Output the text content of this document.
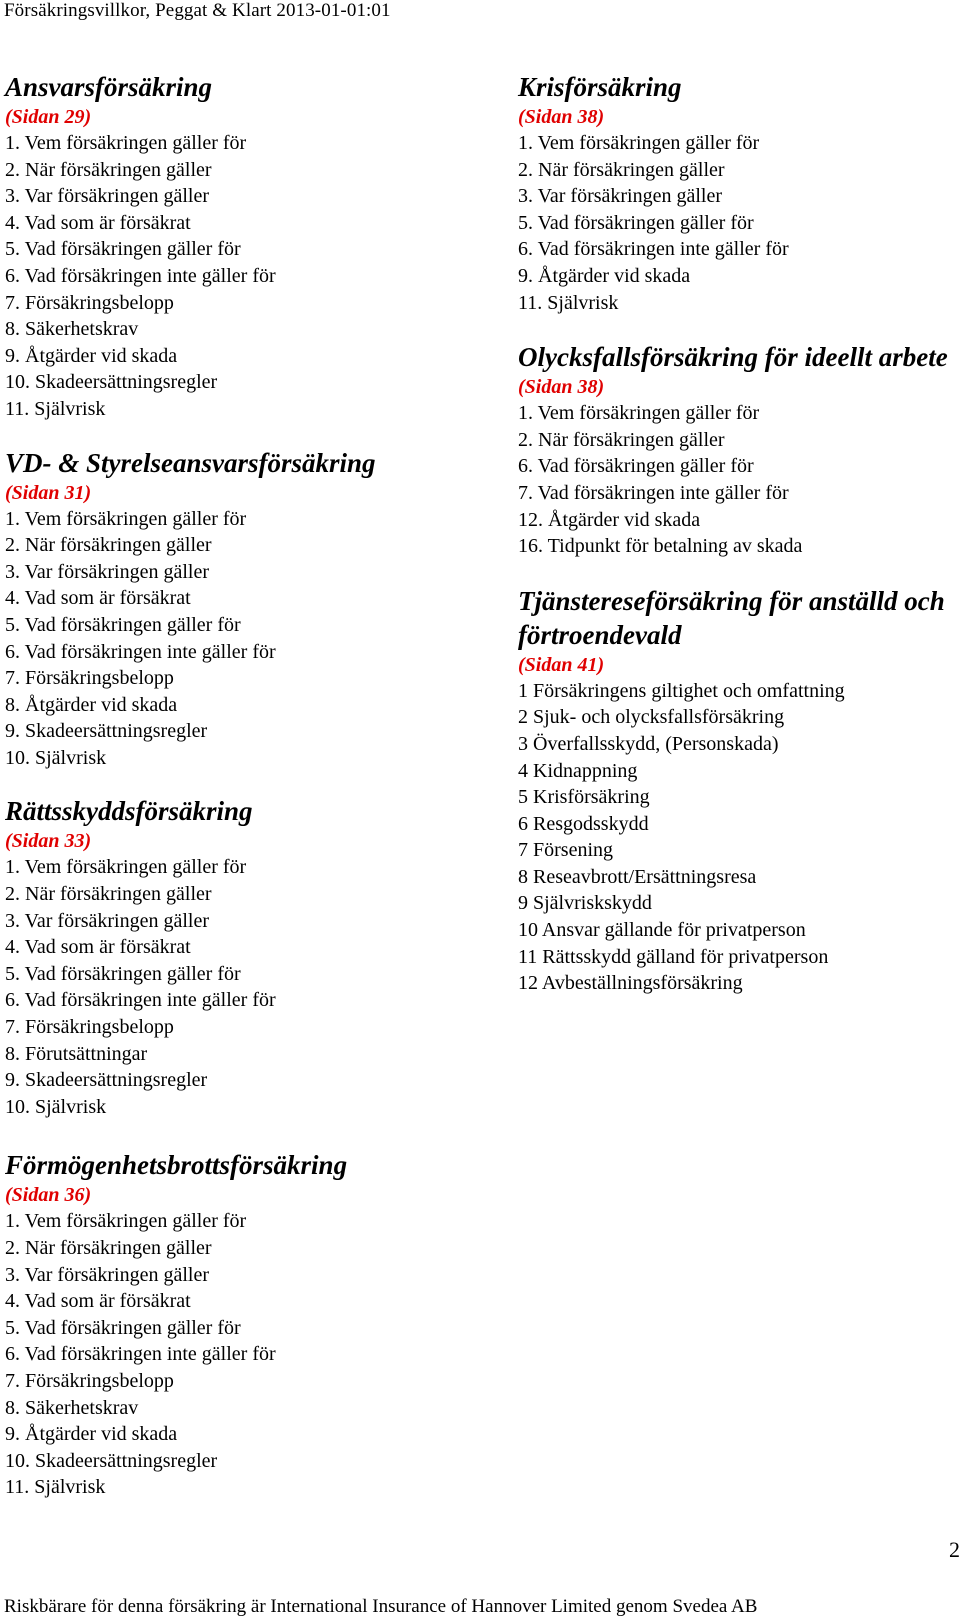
Försäkringsvillkor, Peggat & Klart 2013-01-01:01
Ansvarsförsäkring
(Sidan 29)
1. Vem försäkringen gäller för
2. När försäkringen gäller
3. Var försäkringen gäller
4. Vad som är försäkrat
5. Vad försäkringen gäller för
6. Vad försäkringen inte gäller för
7. Försäkringsbelopp
8. Säkerhetskrav
9. Åtgärder vid skada
10. Skadeersättningsregler
11. Självrisk
VD- & Styrelseansvarsförsäkring
(Sidan 31)
1. Vem försäkringen gäller för
2. När försäkringen gäller
3. Var försäkringen gäller
4. Vad som är försäkrat
5. Vad försäkringen gäller för
6. Vad försäkringen inte gäller för
7. Försäkringsbelopp
8. Åtgärder vid skada
9. Skadeersättningsregler
10. Självrisk
Rättsskyddsförsäkring
(Sidan 33)
1. Vem försäkringen gäller för
2. När försäkringen gäller
3. Var försäkringen gäller
4. Vad som är försäkrat
5. Vad försäkringen gäller för
6. Vad försäkringen inte gäller för
7. Försäkringsbelopp
8. Förutsättningar
9. Skadeersättningsregler
10. Självrisk
Förmögenhetsbrottsförsäkring
(Sidan 36)
1. Vem försäkringen gäller för
2. När försäkringen gäller
3. Var försäkringen gäller
4. Vad som är försäkrat
5. Vad försäkringen gäller för
6. Vad försäkringen inte gäller för
7. Försäkringsbelopp
8. Säkerhetskrav
9. Åtgärder vid skada
10. Skadeersättningsregler
11. Självrisk
Krisförsäkring
(Sidan 38)
1. Vem försäkringen gäller för
2. När försäkringen gäller
3. Var försäkringen gäller
5. Vad försäkringen gäller för
6. Vad försäkringen inte gäller för
9. Åtgärder vid skada
11. Självrisk
Olycksfallsförsäkring för ideellt arbete
(Sidan 38)
1. Vem försäkringen gäller för
2. När försäkringen gäller
6. Vad försäkringen gäller för
7. Vad försäkringen inte gäller för
12. Åtgärder vid skada
16. Tidpunkt för betalning av skada
Tjänstereseförsäkring för anställd och förtroendevald
(Sidan 41)
1 Försäkringens giltighet och omfattning
2 Sjuk- och olycksfallsförsäkring
3 Överfallsskydd, (Personskada)
4 Kidnappning
5 Krisförsäkring
6 Resgodsskydd
7 Försening
8 Reseavbrott/Ersättningsresa
9 Självriskskydd
10 Ansvar gällande för privatperson
11 Rättsskydd gälland för privatperson
12 Avbeställningsförsäkring
2
Riskbärare för denna försäkring är International Insurance of Hannover Limited genom Svedea AB
